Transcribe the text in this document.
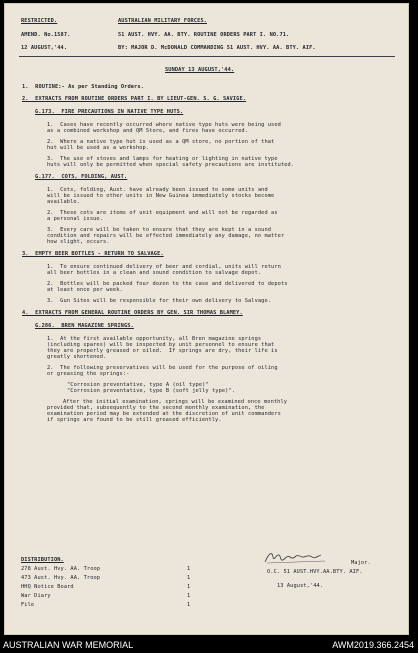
RESTRICTED.	AUSTRALIAN MILITARY FORCES.
AMEND. No.1587.	51 AUST. HVY. AA. BTY. ROUTINE ORDERS PART I. NO.71.
12 AUGUST,'44.	BY: MAJOR D. McDONALD COMMANDING 51 AUST. HVY. AA. BTY. AIF.
SUNDAY 13 AUGUST,'44.
1.  ROUTINE:- As per Standing Orders.
2.  EXTRACTS FROM ROUTINE ORDERS PART I. BY LIEUT-GEN. S. G. SAVIGE.
G.173.  FIRE PRECAUTIONS IN NATIVE TYPE HUTS.
1.  Cases have recently occurred where native type huts were being used
as a combined workshop and QM Store, and fires have occurred.
2.  Where a native type hut is used as a QM store, no portion of that
hut will be used as a workshop.
3.  The use of stoves and lamps for heating or lighting in native type
huts will only be permitted when special safety precautions are instituted.
G.177.  COTS, FOLDING, AUST.
1.  Cots, folding, Aust. have already been issued to some units and
will be issued to other units in New Guinea immediately stocks become
available.
2.  These cots are items of unit equipment and will not be regarded as
a personal issue.
3.  Every care will be taken to ensure that they are kept in a sound
condition and repairs will be effected immediately any damage, no matter
how slight, occurs.
3.  EMPTY BEER BOTTLES - RETURN TO SALVAGE.
1.  To ensure continued delivery of beer and cordial, units will return
all beer bottles in a clean and sound condition to salvage depot.
2.  Bottles will be packed four dozen to the case and delivered to depots
at least once per week.
3.  Gun Sites will be responsible for their own delivery to Salvage.
4.  EXTRACTS FROM GENERAL ROUTINE ORDERS BY GEN. SIR THOMAS BLAMEY.
G.286.  BREN MAGAZINE SPRINGS.
1.  At the first available opportunity, all Bren magazine springs
(including spares) will be inspected by unit personnel to ensure that
they are properly greased or oiled.  If springs are dry, their life is
greatly shortened.
2.  The following preservatives will be used for the purpose of oiling
or greasing the springs:-
"Corrosion preventative, type A (oil type)"
"Corrosion preventative, type B (soft jelly type)".
After the initial examination, springs will be examined once monthly
provided that, subsequently to the second monthly examination, the
examination period may be extended at the discretion of unit commanders
if springs are found to be still greased efficiently.
DISTRIBUTION.
278 Aust. Hvy. AA. Troop	1
473 Aust. Hvy. AA. Troop	1
HHQ Notice Board	1
War Diary	1
File	1
Major.
O.C. 51 AUST.HVY.AA.BTY. AIF.
13 August,'44.
AUSTRALIAN WAR MEMORIAL	AWM2019.366.2454
